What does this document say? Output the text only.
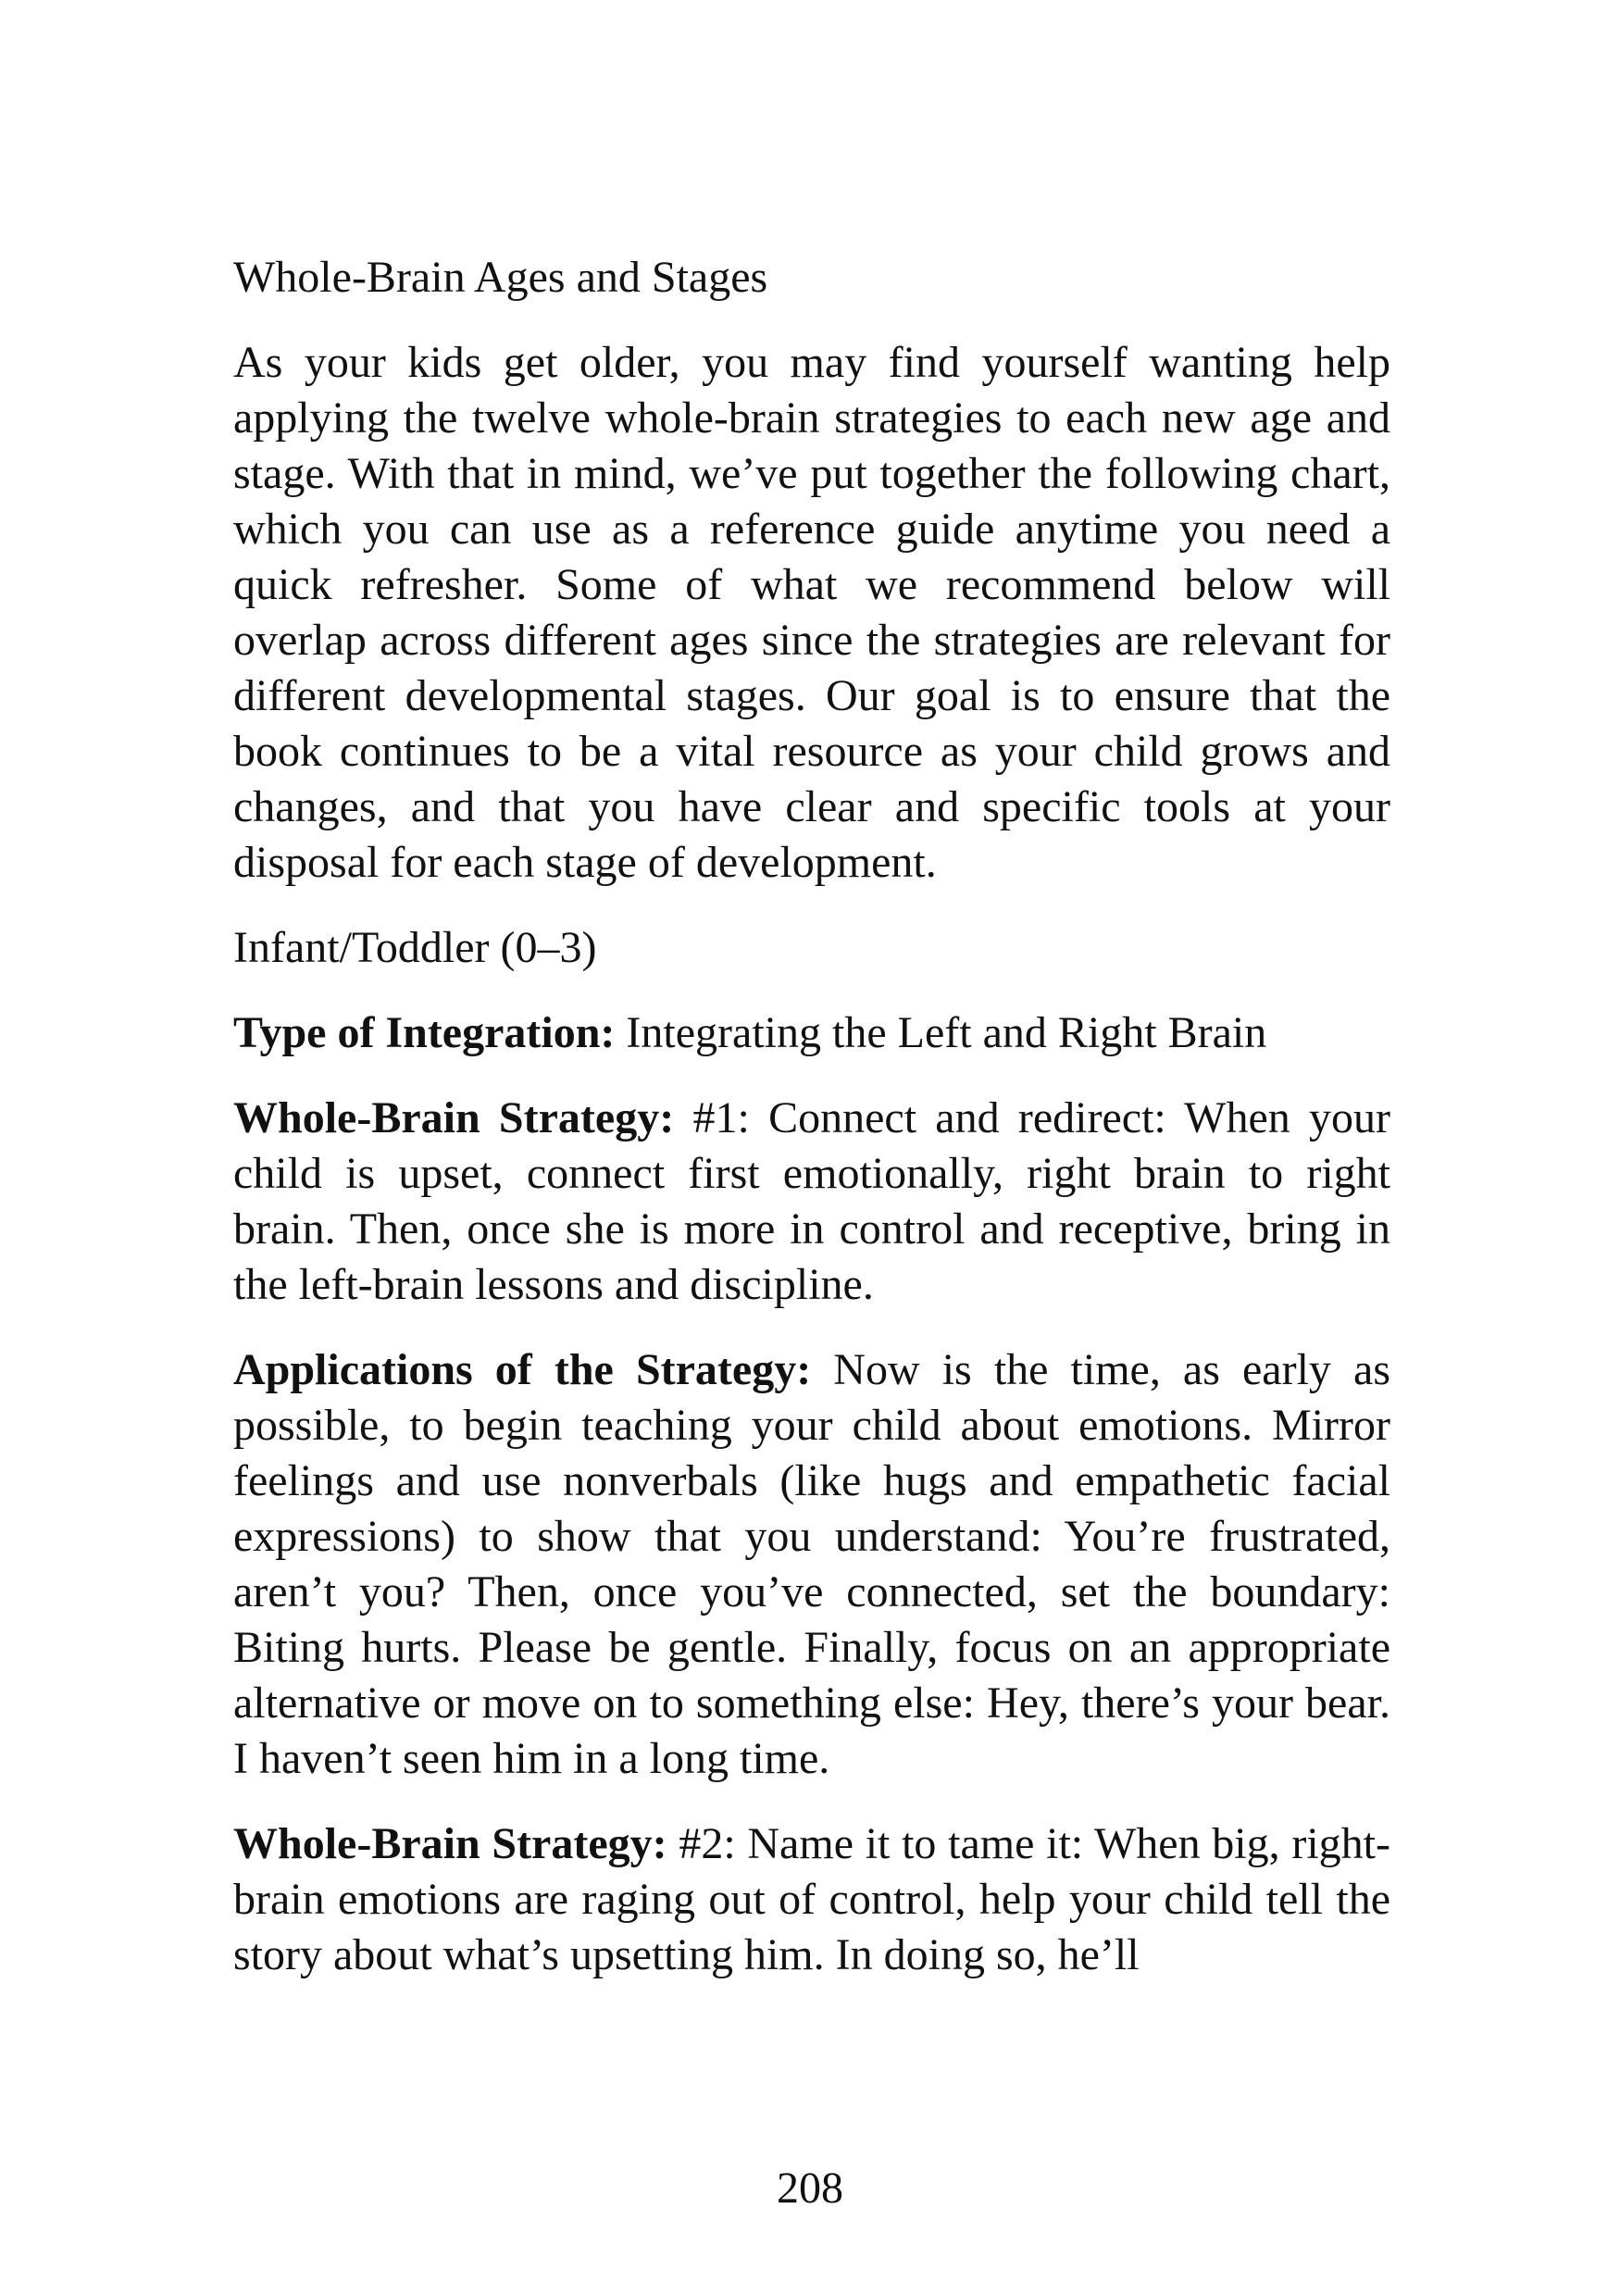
Whole-Brain Ages and Stages

As your kids get older, you may find yourself wanting help applying the twelve whole-brain strategies to each new age and stage. With that in mind, we’ve put together the following chart, which you can use as a reference guide anytime you need a quick refresher. Some of what we recommend below will overlap across different ages since the strategies are relevant for different developmental stages. Our goal is to ensure that the book continues to be a vital resource as your child grows and changes, and that you have clear and specific tools at your disposal for each stage of development.

Infant/Toddler (0–3)

Type of Integration: Integrating the Left and Right Brain

Whole-Brain Strategy: #1: Connect and redirect: When your child is upset, connect first emotionally, right brain to right brain. Then, once she is more in control and receptive, bring in the left-brain lessons and discipline.

Applications of the Strategy: Now is the time, as early as possible, to begin teaching your child about emotions. Mirror feelings and use nonverbals (like hugs and empathetic facial expressions) to show that you understand: You’re frustrated, aren’t you? Then, once you’ve connected, set the boundary: Biting hurts. Please be gentle. Finally, focus on an appropriate alternative or move on to something else: Hey, there’s your bear. I haven’t seen him in a long time.

Whole-Brain Strategy: #2: Name it to tame it: When big, right-brain emotions are raging out of control, help your child tell the story about what’s upsetting him. In doing so, he’ll

208
